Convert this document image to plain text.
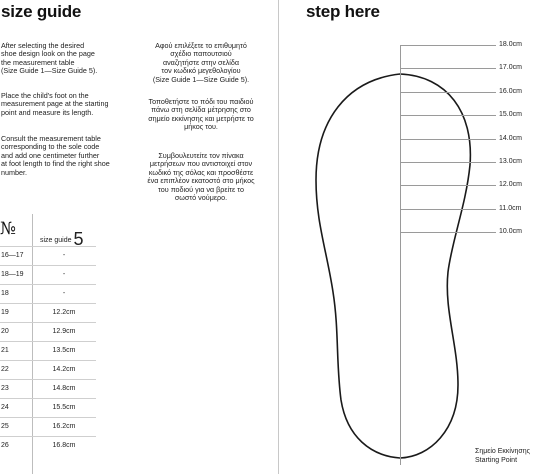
size guide
After selecting the desired
shoe design look on the page
the measurement table
(Size Guide 1—Size Guide 5).
Place the child's foot on the
measurement page at the starting
point and measure its length.
Consult the measurement table
corresponding to the sole code
and add one centimeter further
at foot length to find the right shoe
number.
Αφού επιλέξετε το επιθυμητό
σχέδιο παπουτσιού
αναζητήστε στην σελίδα
τον κωδικό μεγεθολογίου
(Size Guide 1—Size Guide 5).
Τοποθετήστε το πόδι του παιδιού
πάνω στη σελίδα μέτρησης στο
σημείο εκκίνησης και μετρήστε το
μήκος του.
Συμβουλευτείτε τον πίνακα
μετρήσεων που αντιστοιχεί στον
κωδικό της σόλας και προσθέστε
ένα επιπλέον εκατοστό στο μήκος
του ποδιού για να βρείτε το
σωστό νούμερο.
№
size guide 5
16—17	-
18—19	-
18	-
19	12.2cm
20	12.9cm
21	13.5cm
22	14.2cm
23	14.8cm
24	15.5cm
25	16.2cm
26	16.8cm
step here
18.0cm
17.0cm
16.0cm
15.0cm
14.0cm
13.0cm
12.0cm
11.0cm
10.0cm
Σημείο Εκκίνησης
Starting Point
